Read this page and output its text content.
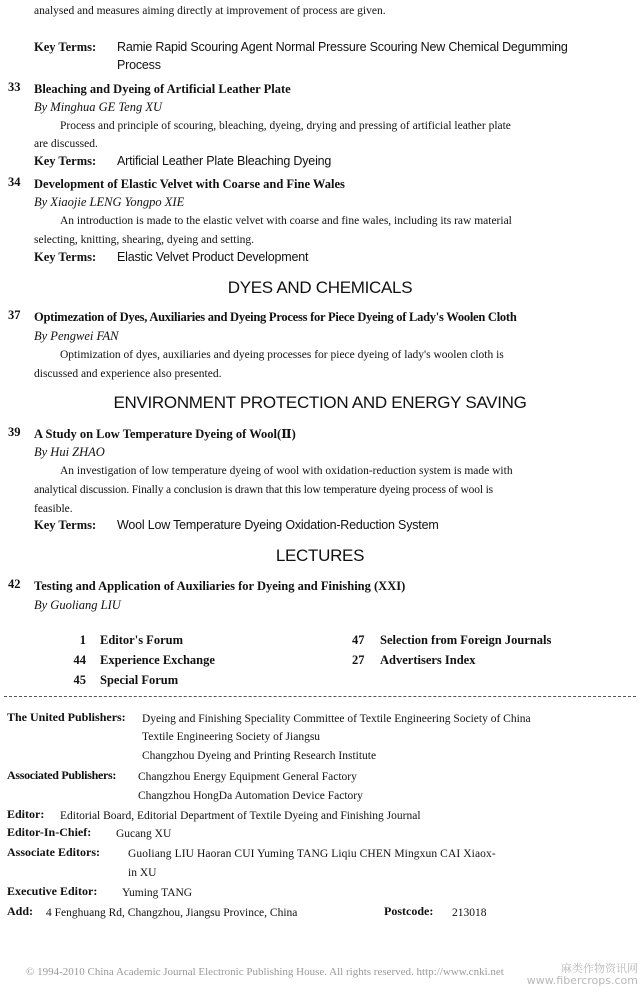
analysed and measures aiming directly at improvement of process are given.
Key Terms: Ramie Rapid Scouring Agent Normal Pressure Scouring New Chemical Degumming
Process
33 Bleaching and Dyeing of Artificial Leather Plate
By Minghua GE Teng XU
Process and principle of scouring, bleaching, dyeing, drying and pressing of artificial leather plate
are discussed.
Key Terms: Artificial Leather Plate Bleaching Dyeing
34 Development of Elastic Velvet with Coarse and Fine Wales
By Xiaojie LENG Yongpo XIE
An introduction is made to the elastic velvet with coarse and fine wales, including its raw material
selecting, knitting, shearing, dyeing and setting.
Key Terms: Elastic Velvet Product Development
DYES AND CHEMICALS
37 Optimezation of Dyes, Auxiliaries and Dyeing Process for Piece Dyeing of Lady's Woolen Cloth
By Pengwei FAN
Optimization of dyes, auxiliaries and dyeing processes for piece dyeing of lady's woolen cloth is
discussed and experience also presented.
ENVIRONMENT PROTECTION AND ENERGY SAVING
39 A Study on Low Temperature Dyeing of Wool(Ⅱ)
By Hui ZHAO
An investigation of low temperature dyeing of wool with oxidation-reduction system is made with
analytical discussion. Finally a conclusion is drawn that this low temperature dyeing process of wool is
feasible.
Key Terms: Wool Low Temperature Dyeing Oxidation-Reduction System
LECTURES
42 Testing and Application of Auxiliaries for Dyeing and Finishing (XXI)
By Guoliang LIU
1 Editor's Forum
44 Experience Exchange
45 Special Forum
47 Selection from Foreign Journals
27 Advertisers Index
The United Publishers: Dyeing and Finishing Speciality Committee of Textile Engineering Society of China
Textile Engineering Society of Jiangsu
Changzhou Dyeing and Printing Research Institute
Associated Publishers: Changzhou Energy Equipment General Factory
Changzhou HongDa Automation Device Factory
Editor: Editorial Board, Editorial Department of Textile Dyeing and Finishing Journal
Editor-In-Chief: Gucang XU
Associate Editors: Guoliang LIU Haoran CUI Yuming TANG Liqiu CHEN Mingxun CAI Xiaox-
in XU
Executive Editor: Yuming TANG
Add: 4 Fenghuang Rd, Changzhou, Jiangsu Province, China	Postcode: 213018
© 1994-2010 China Academic Journal Electronic Publishing House. All rights reserved. http://www.cnki.net	麻类作物资讯网
www.fibercrops.com
